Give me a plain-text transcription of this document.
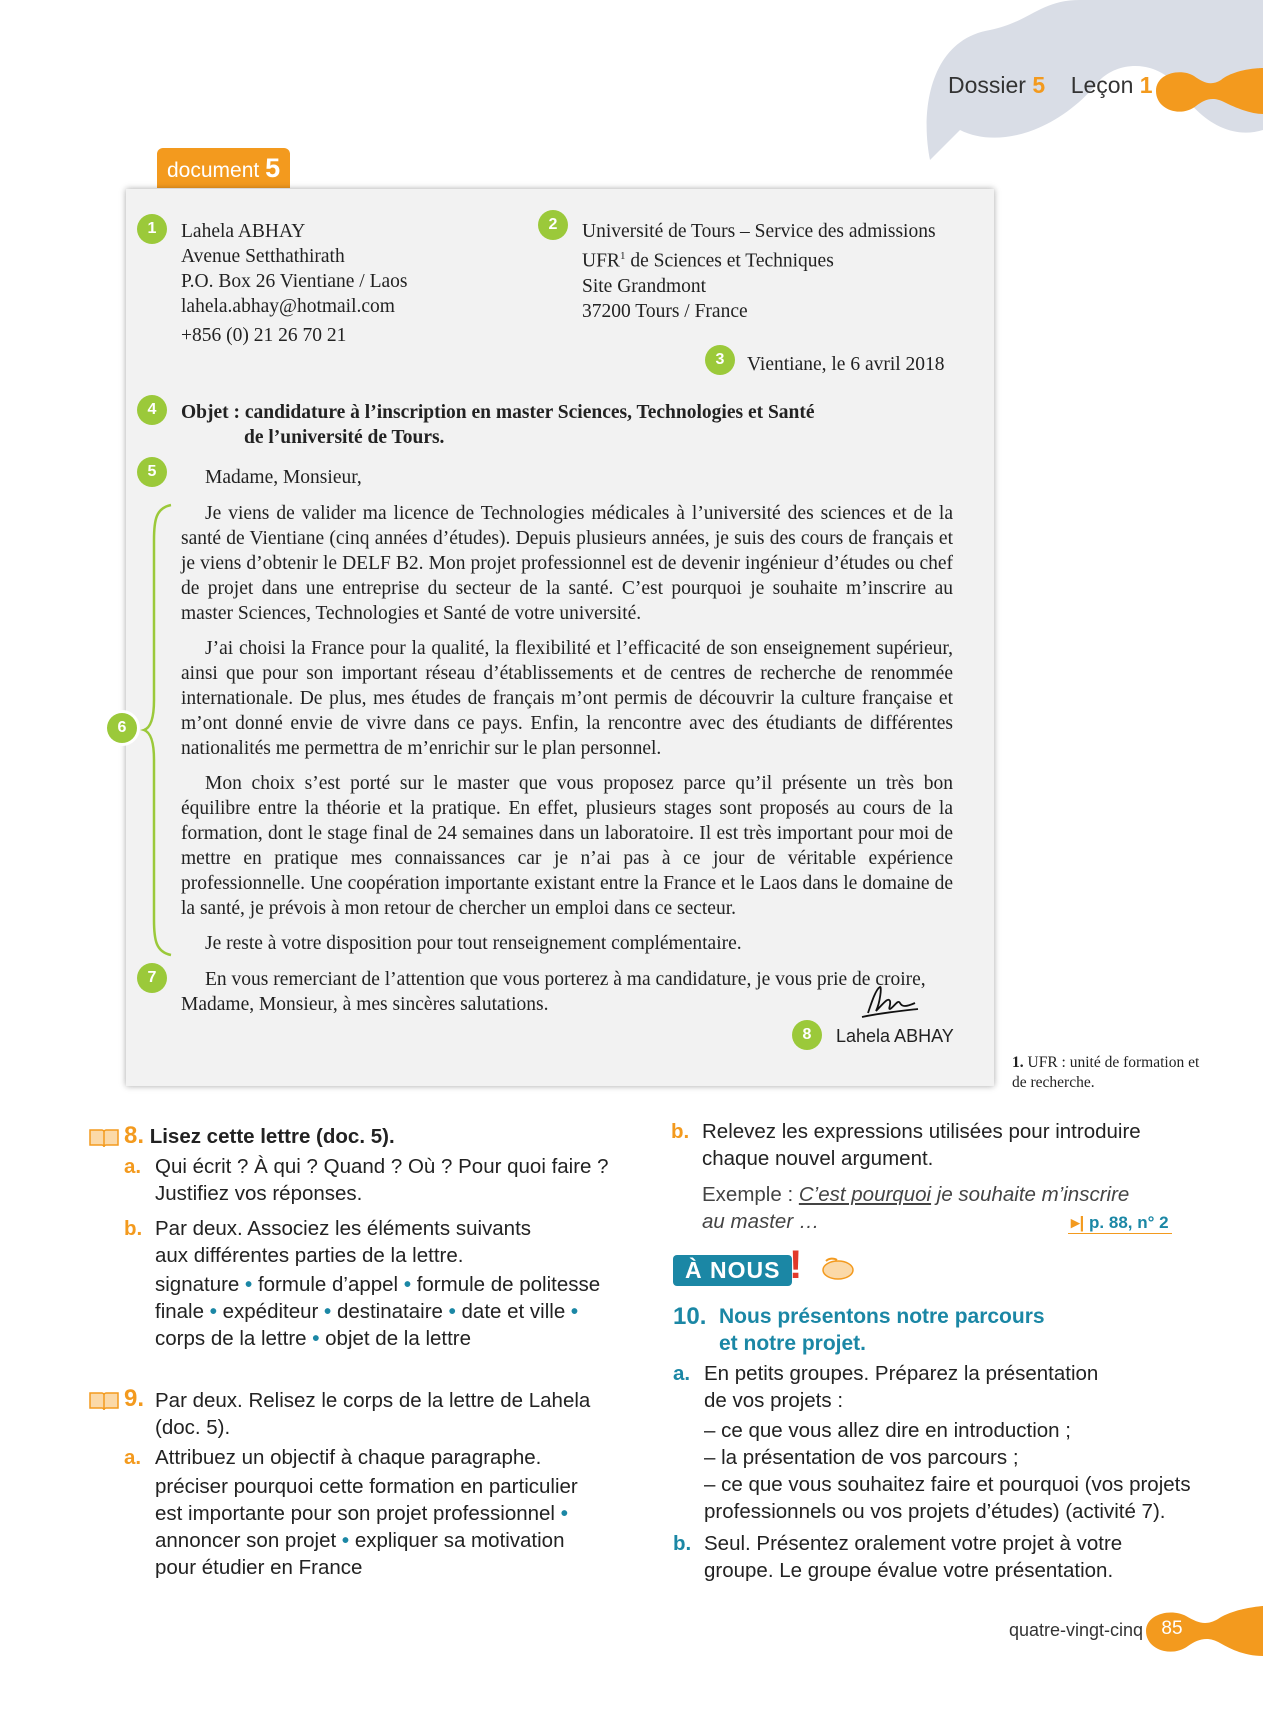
Dossier 5 Leçon 1
document 5
1	Lahela ABHAY
Avenue Setthathirath
P.O. Box 26 Vientiane / Laos
lahela.abhay@hotmail.com
+856 (0) 21 26 70 21
2	Université de Tours – Service des admissions
UFR$^1$ de Sciences et Techniques
Site Grandmont
37200 Tours / France
3	Vientiane, le 6 avril 2018
4	Objet : candidature à l’inscription en master Sciences, Technologies et Santé
de l’université de Tours.
5	Madame, Monsieur,
6
Je viens de valider ma licence de Technologies médicales à l’université des sciences et de la santé de Vientiane (cinq années d’études). Depuis plusieurs années, je suis des cours de français et je viens d’obtenir le DELF B2. Mon projet professionnel est de devenir ingénieur d’études ou chef de projet dans une entreprise du secteur de la santé. C’est pourquoi je souhaite m’inscrire au master Sciences, Technologies et Santé de votre université.
J’ai choisi la France pour la qualité, la flexibilité et l’efficacité de son enseignement supérieur, ainsi que pour son important réseau d’établissements et de centres de recherche de renommée internationale. De plus, mes études de français m’ont permis de découvrir la culture française et m’ont donné envie de vivre dans ce pays. Enfin, la rencontre avec des étudiants de différentes nationalités me permettra de m’enrichir sur le plan personnel.
Mon choix s’est porté sur le master que vous proposez parce qu’il présente un très bon équilibre entre la théorie et la pratique. En effet, plusieurs stages sont proposés au cours de la formation, dont le stage final de 24 semaines dans un laboratoire. Il est très important pour moi de mettre en pratique mes connaissances car je n’ai pas à ce jour de véritable expérience professionnelle. Une coopération importante existant entre la France et le Laos dans le domaine de la santé, je prévois à mon retour de chercher un emploi dans ce secteur.
Je reste à votre disposition pour tout renseignement complémentaire.
7	En vous remerciant de l’attention que vous porterez à ma candidature, je vous prie de croire, Madame, Monsieur, à mes sincères salutations.
8	Lahela ABHAY
1. UFR : unité de formation et de recherche.
8. Lisez cette lettre (doc. 5).
a. Qui écrit ? À qui ? Quand ? Où ? Pour quoi faire ?
Justifiez vos réponses.
b. Par deux. Associez les éléments suivants
aux différentes parties de la lettre.
signature • formule d’appel • formule de politesse finale • expéditeur • destinataire • date et ville • corps de la lettre • objet de la lettre
9. Par deux. Relisez le corps de la lettre de Lahela
(doc. 5).
a. Attribuez un objectif à chaque paragraphe.
préciser pourquoi cette formation en particulier est importante pour son projet professionnel • annoncer son projet • expliquer sa motivation pour étudier en France
b. Relevez les expressions utilisées pour introduire
chaque nouvel argument.
Exemple : C’est pourquoi je souhaite m’inscrire
au master …	▸| p. 88, n° 2
À NOUS !
10. Nous présentons notre parcours
et notre projet.
a. En petits groupes. Préparez la présentation
de vos projets :
– ce que vous allez dire en introduction ;
– la présentation de vos parcours ;
– ce que vous souhaitez faire et pourquoi (vos projets
professionnels ou vos projets d’études) (activité 7).
b. Seul. Présentez oralement votre projet à votre
groupe. Le groupe évalue votre présentation.
quatre-vingt-cinq 85
